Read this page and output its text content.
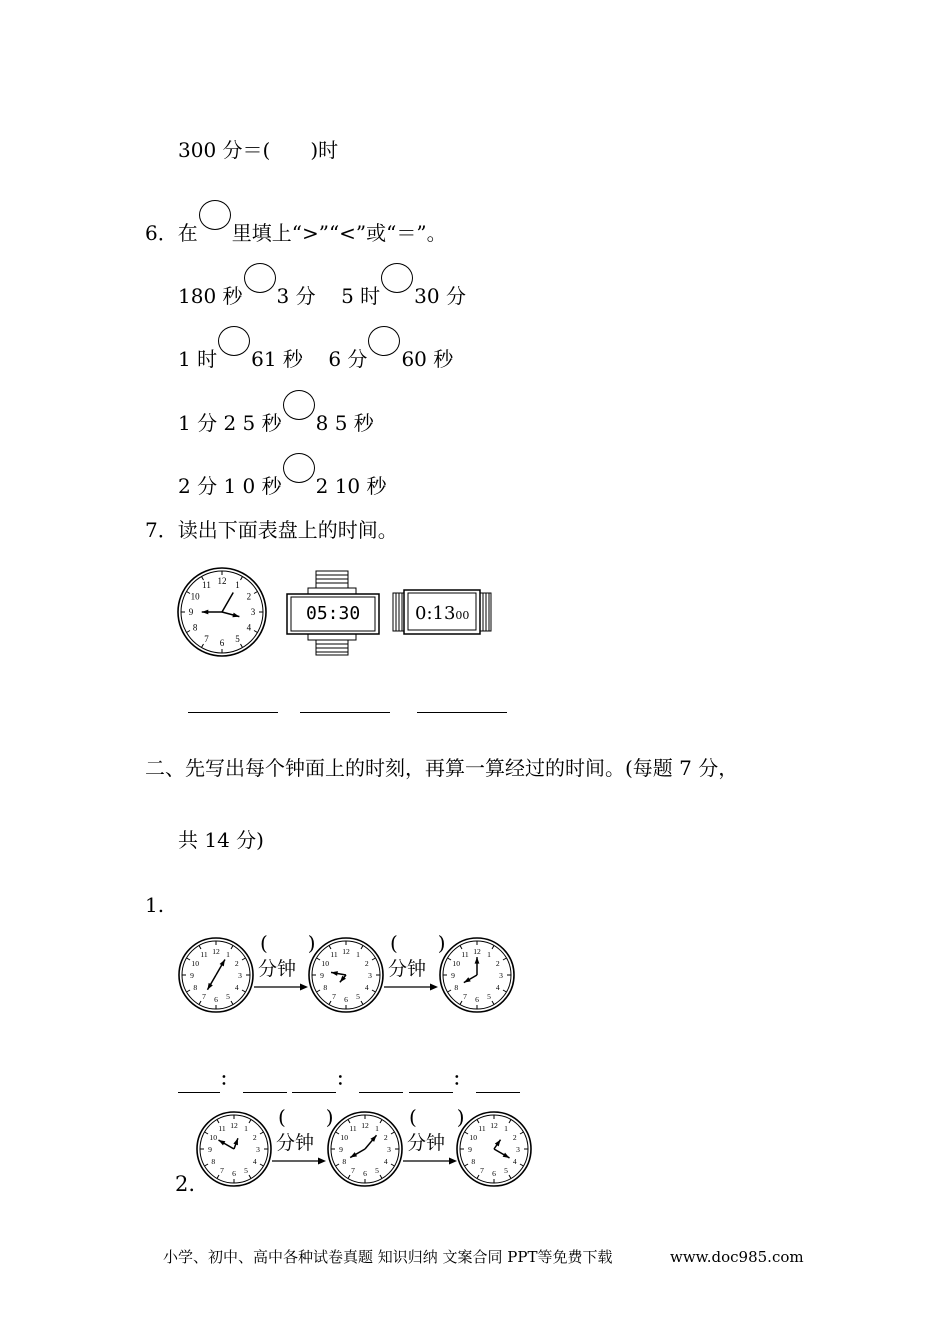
300 分＝(　　)时
6．在 里填上“>”“<”或“＝”。
180 秒 3 分 5 时 30 分
1 时 61 秒 6 分 60 秒
1 分 2 5 秒 8 5 秒
2 分 1 0 秒 2 10 秒
7．读出下面表盘上的时间。
1
2
3
4
5
6
7
8
9
10
11 12
05:30	0:1300
二、先写出每个钟面上的时刻，再算一算经过的时间。(每题 7 分，
共 14 分)
1.
1
2
3
4
5
6
7
8
9
10
11 12	1
2
3
4
5
6
7
8
9
10
11 12	1
2
3
4
5
6
7
8
9
10
11 12
(　　)
分钟
(　　)
分钟
：	：	：
1
2
3
4
5
6
7
8
9
10
11 12	1
2
3
4
5
6
7
8
9
10
11 12	1
2
3
4
5
6
7
8
9
10
11 12
(　　)
分钟
(　　)
分钟
2.
小学、初中、高中各种试卷真题 知识归纳 文案合同 PPT等免费下载	www.doc985.com
